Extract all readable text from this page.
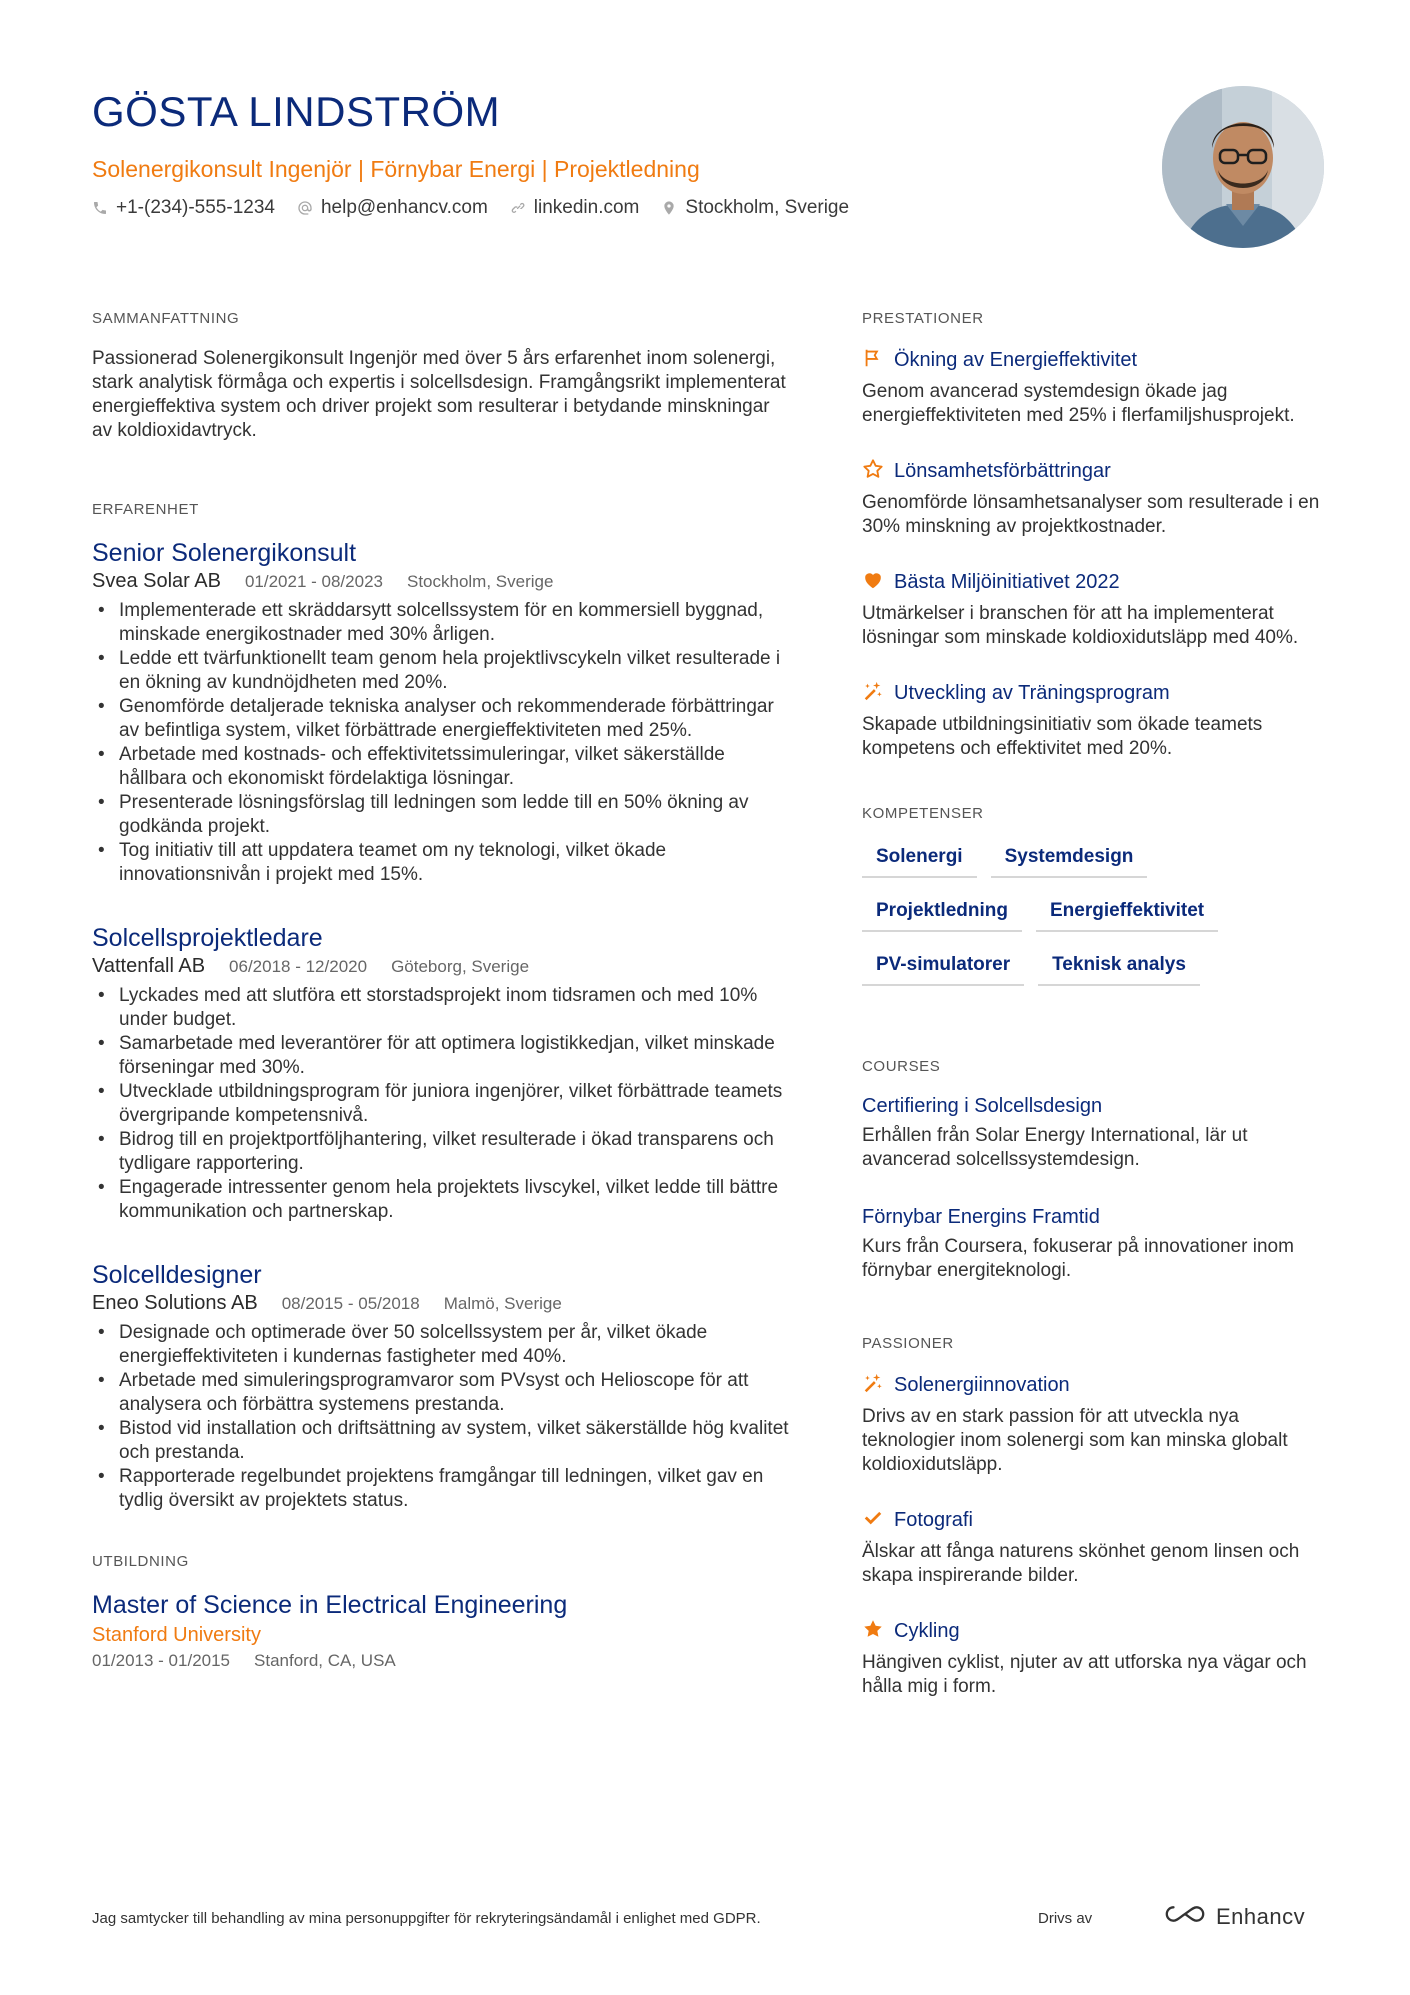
GÖSTA LINDSTRÖM
Solenergikonsult Ingenjör | Förnybar Energi | Projektledning
+1-(234)-555-1234 help@enhancv.com linkedin.com Stockholm, Sverige
SAMMANFATTNING
Passionerad Solenergikonsult Ingenjör med över 5 års erfarenhet inom solenergi, stark analytisk förmåga och expertis i solcellsdesign. Framgångsrikt implementerat energieffektiva system och driver projekt som resulterar i betydande minskningar av koldioxidavtryck.
ERFARENHET
Senior Solenergikonsult
Svea Solar AB 01/2021 - 08/2023 Stockholm, Sverige
• Implementerade ett skräddarsytt solcellssystem för en kommersiell byggnad, minskade energikostnader med 30% årligen.
• Ledde ett tvärfunktionellt team genom hela projektlivscykeln vilket resulterade i en ökning av kundnöjdheten med 20%.
• Genomförde detaljerade tekniska analyser och rekommenderade förbättringar av befintliga system, vilket förbättrade energieffektiviteten med 25%.
• Arbetade med kostnads- och effektivitetssimuleringar, vilket säkerställde hållbara och ekonomiskt fördelaktiga lösningar.
• Presenterade lösningsförslag till ledningen som ledde till en 50% ökning av godkända projekt.
• Tog initiativ till att uppdatera teamet om ny teknologi, vilket ökade innovationsnivån i projekt med 15%.
Solcellsprojektledare
Vattenfall AB 06/2018 - 12/2020 Göteborg, Sverige
• Lyckades med att slutföra ett storstadsprojekt inom tidsramen och med 10% under budget.
• Samarbetade med leverantörer för att optimera logistikkedjan, vilket minskade förseningar med 30%.
• Utvecklade utbildningsprogram för juniora ingenjörer, vilket förbättrade teamets övergripande kompetensnivå.
• Bidrog till en projektportföljhantering, vilket resulterade i ökad transparens och tydligare rapportering.
• Engagerade intressenter genom hela projektets livscykel, vilket ledde till bättre kommunikation och partnerskap.
Solcelldesigner
Eneo Solutions AB 08/2015 - 05/2018 Malmö, Sverige
• Designade och optimerade över 50 solcellssystem per år, vilket ökade energieffektiviteten i kundernas fastigheter med 40%.
• Arbetade med simuleringsprogramvaror som PVsyst och Helioscope för att analysera och förbättra systemens prestanda.
• Bistod vid installation och driftsättning av system, vilket säkerställde hög kvalitet och prestanda.
• Rapporterade regelbundet projektens framgångar till ledningen, vilket gav en tydlig översikt av projektets status.
UTBILDNING
Master of Science in Electrical Engineering
Stanford University
01/2013 - 01/2015 Stanford, CA, USA
PRESTATIONER
Ökning av Energieffektivitet
Genom avancerad systemdesign ökade jag energieffektiviteten med 25% i flerfamiljshusprojekt.
Lönsamhetsförbättringar
Genomförde lönsamhetsanalyser som resulterade i en 30% minskning av projektkostnader.
Bästa Miljöinitiativet 2022
Utmärkelser i branschen för att ha implementerat lösningar som minskade koldioxidutsläpp med 40%.
Utveckling av Träningsprogram
Skapade utbildningsinitiativ som ökade teamets kompetens och effektivitet med 20%.
KOMPETENSER
Solenergi	Systemdesign
Projektledning	Energieffektivitet
PV-simulatorer	Teknisk analys
COURSES
Certifiering i Solcellsdesign
Erhållen från Solar Energy International, lär ut avancerad solcellssystemdesign.
Förnybar Energins Framtid
Kurs från Coursera, fokuserar på innovationer inom förnybar energiteknologi.
PASSIONER
Solenergiinnovation
Drivs av en stark passion för att utveckla nya teknologier inom solenergi som kan minska globalt koldioxidutsläpp.
Fotografi
Älskar att fånga naturens skönhet genom linsen och skapa inspirerande bilder.
Cykling
Hängiven cyklist, njuter av att utforska nya vägar och hålla mig i form.
Jag samtycker till behandling av mina personuppgifter för rekryteringsändamål i enlighet med GDPR.	Drivs av	Enhancv
